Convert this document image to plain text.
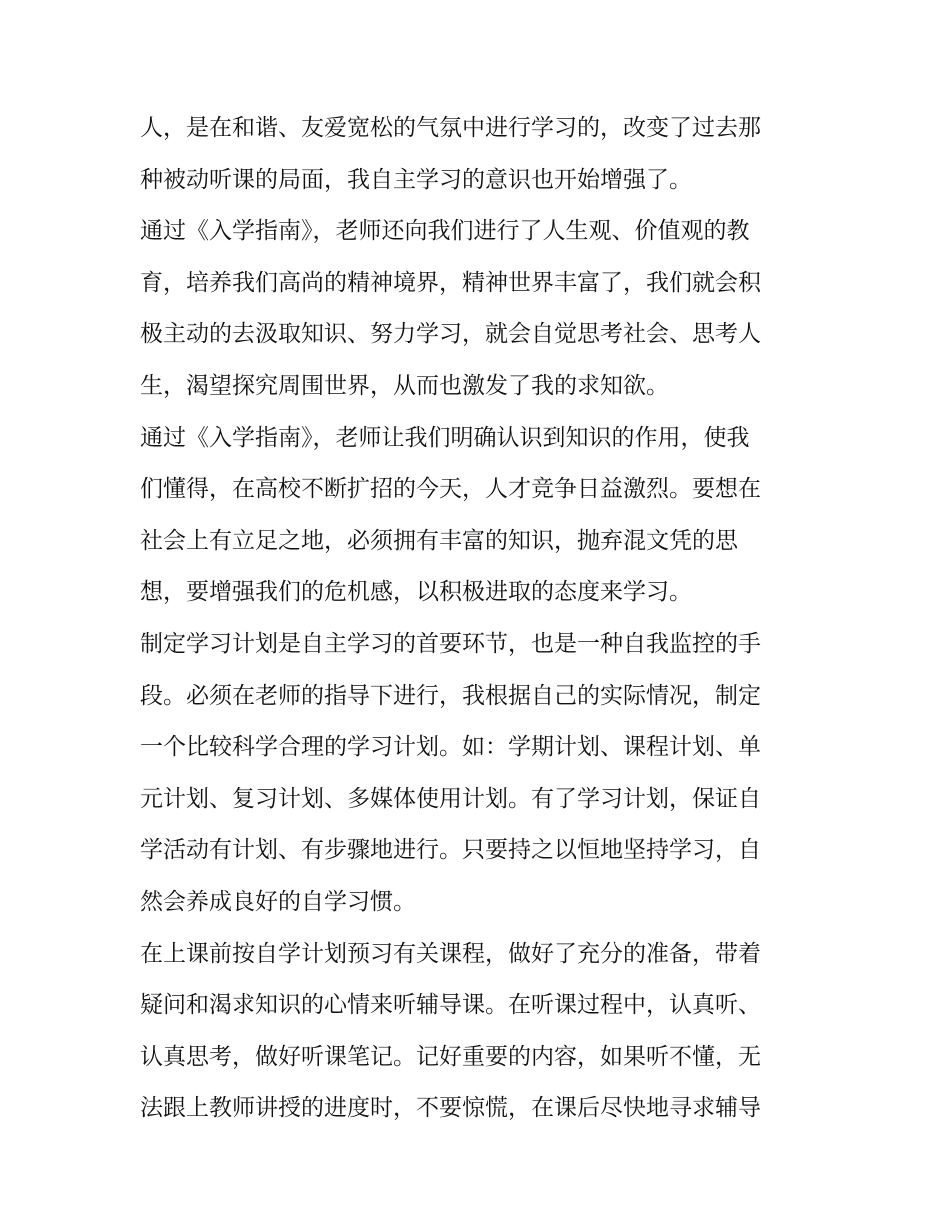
人，是在和谐、友爱宽松的气氛中进行学习的，改变了过去那
种被动听课的局面，我自主学习的意识也开始增强了。
通过《入学指南》，老师还向我们进行了人生观、价值观的教
育，培养我们高尚的精神境界，精神世界丰富了，我们就会积
极主动的去汲取知识、努力学习，就会自觉思考社会、思考人
生，渴望探究周围世界，从而也激发了我的求知欲。
通过《入学指南》，老师让我们明确认识到知识的作用，使我
们懂得，在高校不断扩招的今天，人才竞争日益激烈。要想在
社会上有立足之地，必须拥有丰富的知识，抛弃混文凭的思
想，要增强我们的危机感，以积极进取的态度来学习。
制定学习计划是自主学习的首要环节，也是一种自我监控的手
段。必须在老师的指导下进行，我根据自己的实际情况，制定
一个比较科学合理的学习计划。如：学期计划、课程计划、单
元计划、复习计划、多媒体使用计划。有了学习计划，保证自
学活动有计划、有步骤地进行。只要持之以恒地坚持学习，自
然会养成良好的自学习惯。
在上课前按自学计划预习有关课程，做好了充分的准备，带着
疑问和渴求知识的心情来听辅导课。在听课过程中，认真听、
认真思考，做好听课笔记。记好重要的内容，如果听不懂，无
法跟上教师讲授的进度时，不要惊慌，在课后尽快地寻求辅导
